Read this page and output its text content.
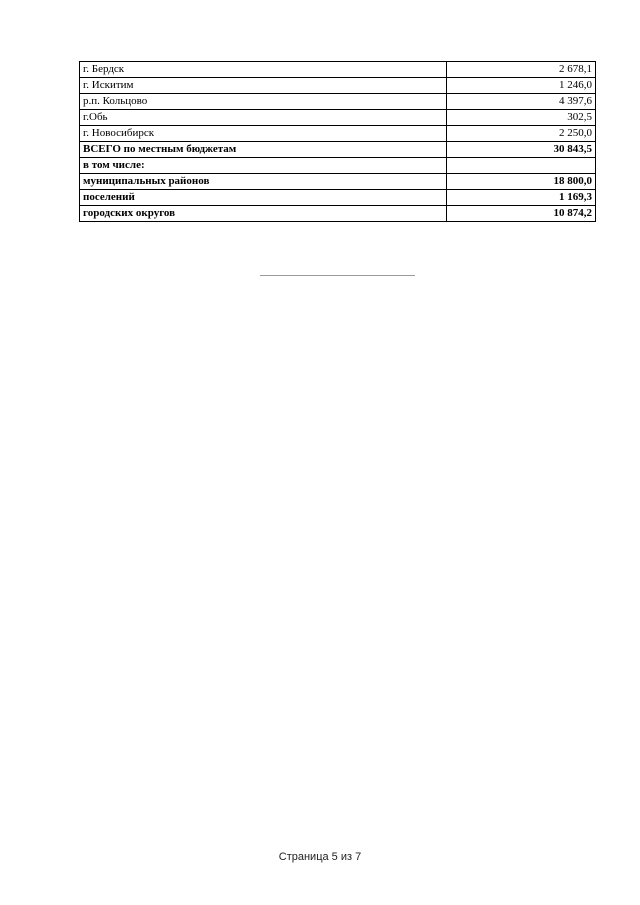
г. Бердск	2 678,1
г. Искитим	1 246,0
р.п. Кольцово	4 397,6
г.Обь	302,5
г. Новосибирск	2 250,0
ВСЕГО по местным бюджетам	30 843,5
в том числе:	
муниципальных районов	18 800,0
поселений	1 169,3
городских округов	10 874,2
Страница 5 из 7
